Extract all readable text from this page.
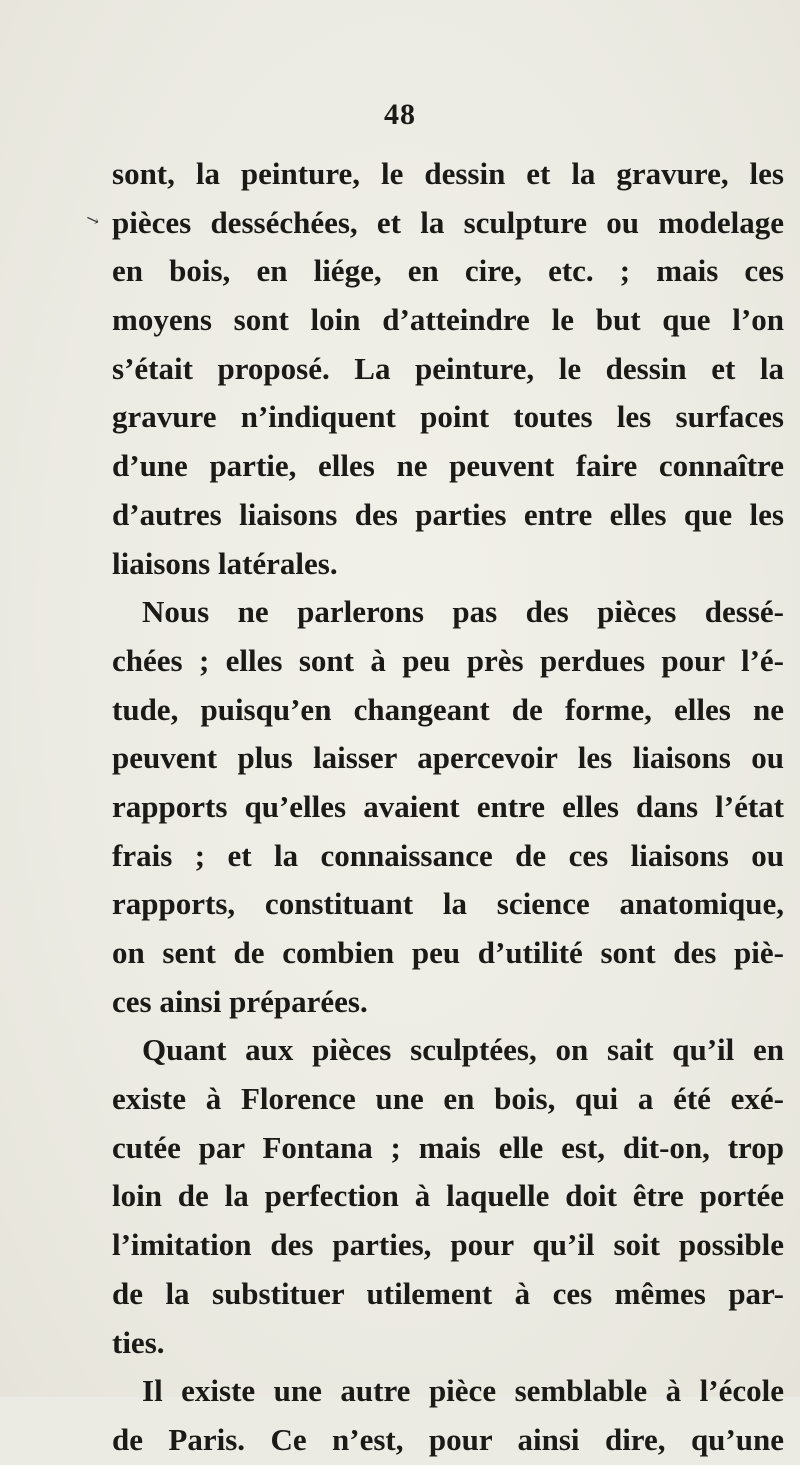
48
↘
sont, la peinture, le dessin et la gravure, les
pièces desséchées, et la sculpture ou modelage
en bois, en liége, en cire, etc. ; mais ces
moyens sont loin d’atteindre le but que l’on
s’était proposé. La peinture, le dessin et la
gravure n’indiquent point toutes les surfaces
d’une partie, elles ne peuvent faire connaître
d’autres liaisons des parties entre elles que les
liaisons latérales.
Nous ne parlerons pas des pièces dessé-
chées ; elles sont à peu près perdues pour l’é-
tude, puisqu’en changeant de forme, elles ne
peuvent plus laisser apercevoir les liaisons ou
rapports qu’elles avaient entre elles dans l’état
frais ; et la connaissance de ces liaisons ou
rapports, constituant la science anatomique,
on sent de combien peu d’utilité sont des piè-
ces ainsi préparées.
Quant aux pièces sculptées, on sait qu’il en
existe à Florence une en bois, qui a été exé-
cutée par Fontana ; mais elle est, dit-on, trop
loin de la perfection à laquelle doit être portée
l’imitation des parties, pour qu’il soit possible
de la substituer utilement à ces mêmes par-
ties.
Il existe une autre pièce semblable à l’école
de Paris. Ce n’est, pour ainsi dire, qu’une
